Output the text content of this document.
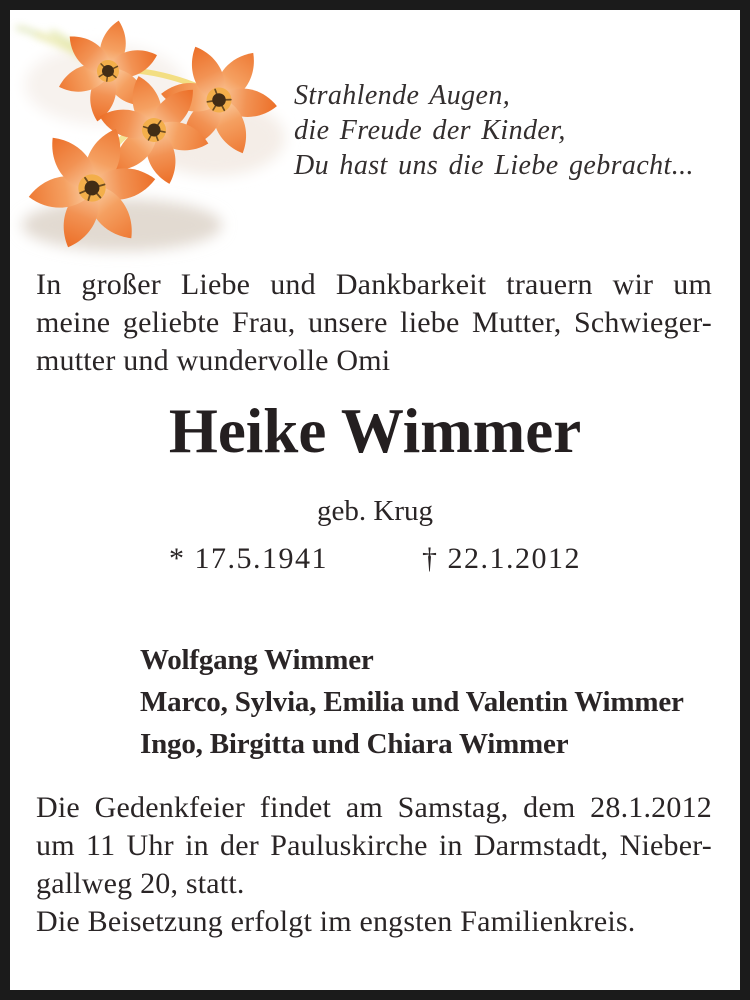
Strahlende Augen,
die Freude der Kinder,
Du hast uns die Liebe gebracht...
In großer Liebe und Dankbarkeit trauern wir um
meine geliebte Frau, unsere liebe Mutter, Schwieger-
mutter und wundervolle Omi
Heike Wimmer
geb. Krug
* 17.5.1941	† 22.1.2012
Wolfgang Wimmer
Marco, Sylvia, Emilia und Valentin Wimmer
Ingo, Birgitta und Chiara Wimmer
Die Gedenkfeier findet am Samstag, dem 28.1.2012
um 11 Uhr in der Pauluskirche in Darmstadt, Nieber-
gallweg 20, statt.
Die Beisetzung erfolgt im engsten Familienkreis.
